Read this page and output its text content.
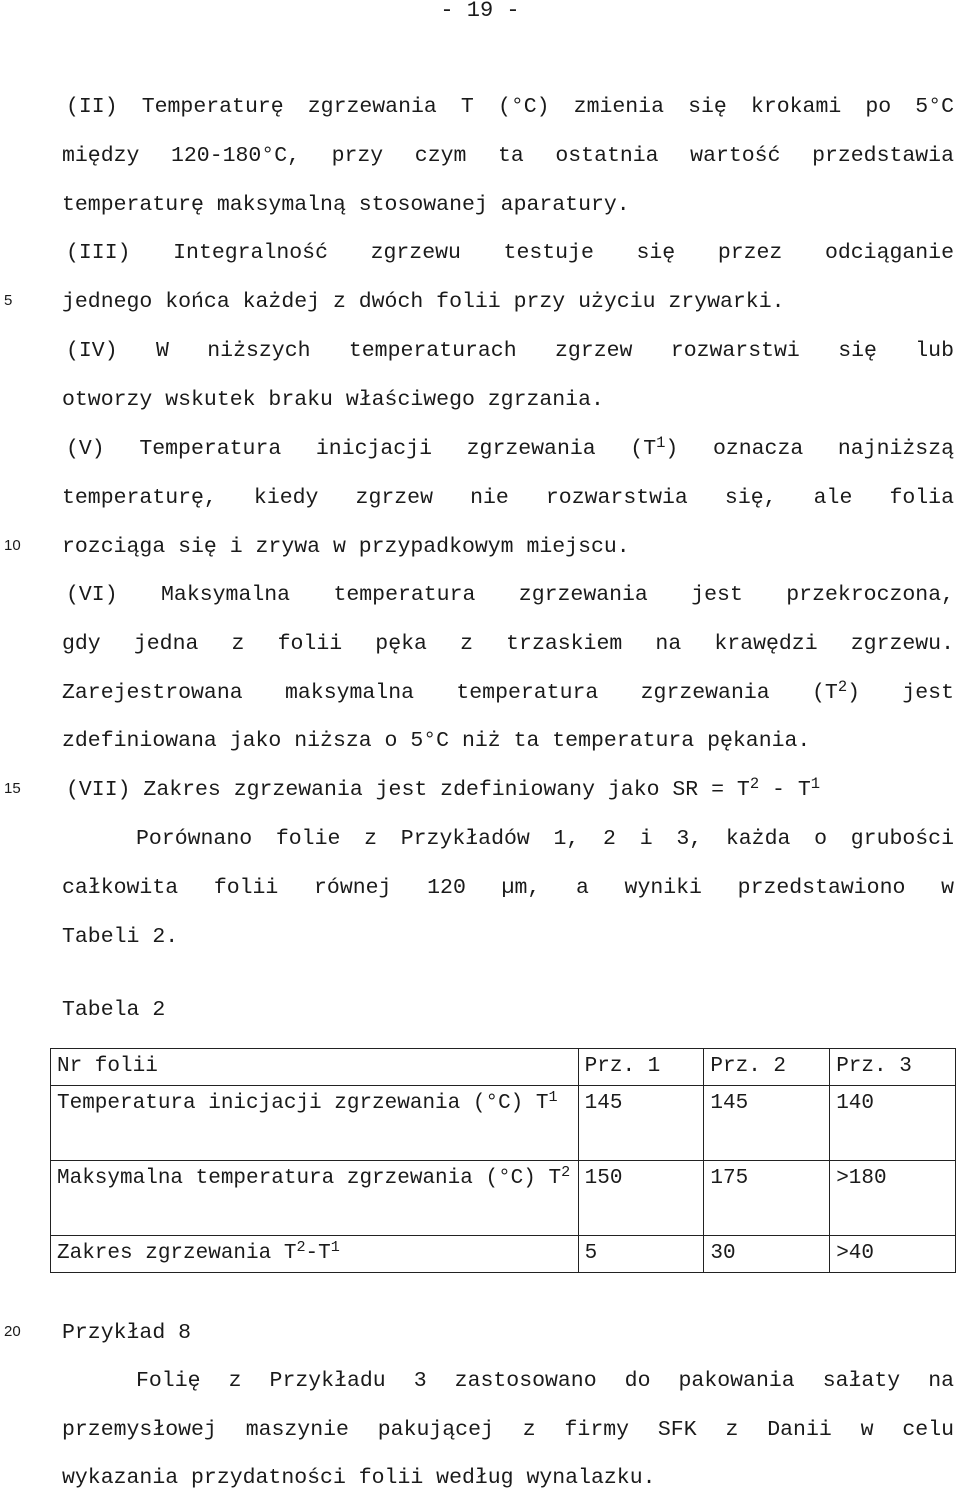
- 19 -
5
10
15
20
(II) Temperaturę zgrzewania T (°C) zmienia się krokami po 5°C
między 120-180°C, przy czym ta ostatnia wartość przedstawia
temperaturę maksymalną stosowanej aparatury.
(III) Integralność zgrzewu testuje się przez odciąganie
jednego końca każdej z dwóch folii przy użyciu zrywarki.
(IV) W niższych temperaturach zgrzew rozwarstwi się lub
otworzy wskutek braku właściwego zgrzania.
(V) Temperatura inicjacji zgrzewania $(T^1)$ oznacza najniższą
temperaturę, kiedy zgrzew nie rozwarstwia się, ale folia
rozciąga się i zrywa w przypadkowym miejscu.
(VI) Maksymalna temperatura zgrzewania jest przekroczona,
gdy jedna z folii pęka z trzaskiem na krawędzi zgrzewu.
Zarejestrowana maksymalna temperatura zgrzewania $(T^2)$ jest
zdefiniowana jako niższa o 5°C niż ta temperatura pękania.
(VII) Zakres zgrzewania jest zdefiniowany jako SR = $T^2 - T^1$
Porównano folie z Przykładów 1, 2 i 3, każda o grubości
całkowita folii równej 120 µm, a wyniki przedstawiono w
Tabeli 2.
Tabela 2
Nr folii	Prz. 1	Prz. 2	Prz. 3
Temperatura inicjacji zgrzewania (°C) $T^1$	145	145	140
Maksymalna temperatura zgrzewania (°C) $T^2$	150	175	>180
Zakres zgrzewania $T^2-T^1$	5	30	>40
Przykład 8
Folię z Przykładu 3 zastosowano do pakowania sałaty na
przemysłowej maszynie pakującej z firmy SFK z Danii w celu
wykazania przydatności folii według wynalazku.
